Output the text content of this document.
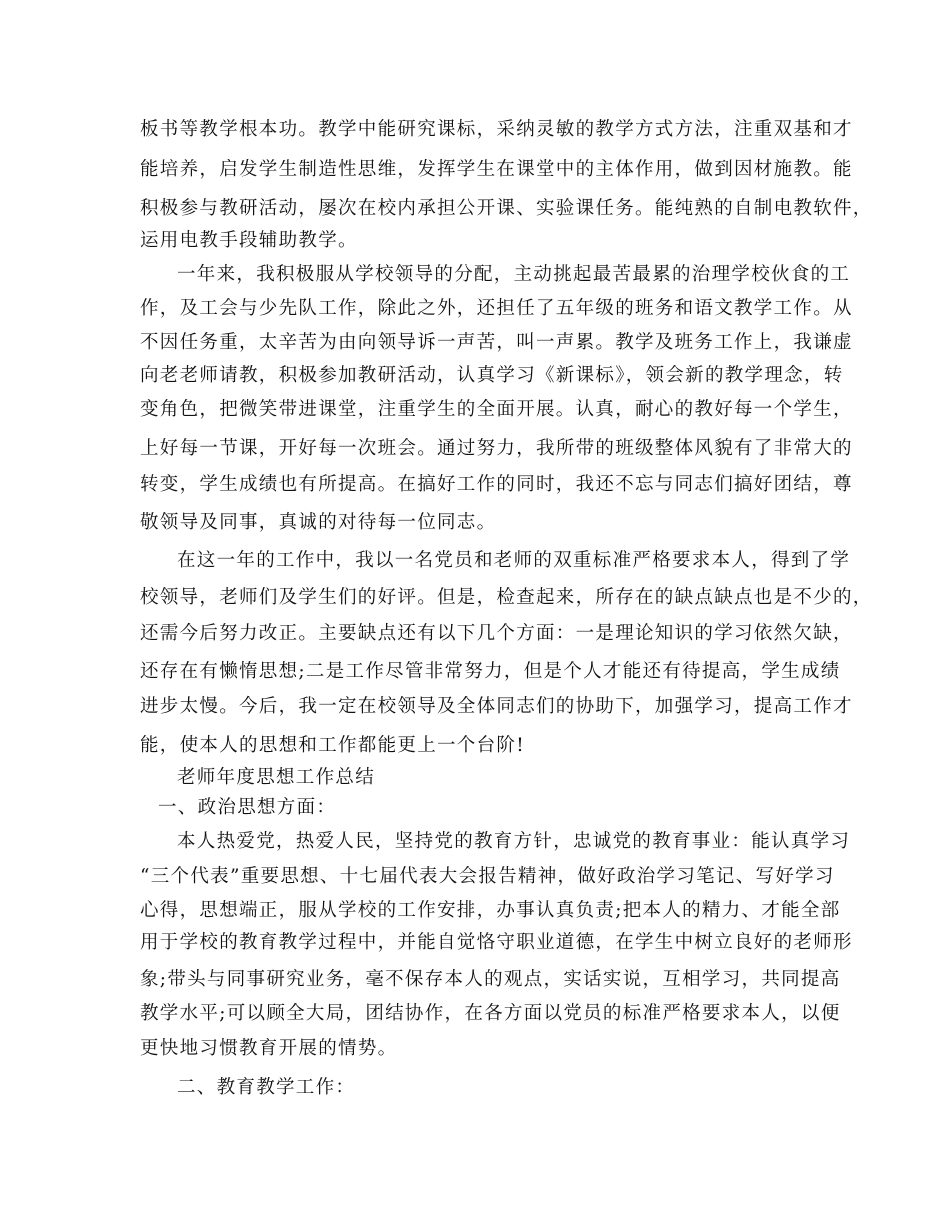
板书等教学根本功。教学中能研究课标，采纳灵敏的教学方式方法，注重双基和才
能培养，启发学生制造性思维，发挥学生在课堂中的主体作用，做到因材施教。能
积极参与教研活动，屡次在校内承担公开课、实验课任务。能纯熟的自制电教软件，
运用电教手段辅助教学。
一年来，我积极服从学校领导的分配，主动挑起最苦最累的治理学校伙食的工
作，及工会与少先队工作，除此之外，还担任了五年级的班务和语文教学工作。从
不因任务重，太辛苦为由向领导诉一声苦，叫一声累。教学及班务工作上，我谦虚
向老老师请教，积极参加教研活动，认真学习《新课标》，领会新的教学理念，转
变角色，把微笑带进课堂，注重学生的全面开展。认真，耐心的教好每一个学生，
上好每一节课，开好每一次班会。通过努力，我所带的班级整体风貌有了非常大的
转变，学生成绩也有所提高。在搞好工作的同时，我还不忘与同志们搞好团结，尊
敬领导及同事，真诚的对待每一位同志。
在这一年的工作中，我以一名党员和老师的双重标准严格要求本人，得到了学
校领导，老师们及学生们的好评。但是，检查起来，所存在的缺点缺点也是不少的，
还需今后努力改正。主要缺点还有以下几个方面：一是理论知识的学习依然欠缺，
还存在有懒惰思想;二是工作尽管非常努力，但是个人才能还有待提高，学生成绩
进步太慢。今后，我一定在校领导及全体同志们的协助下，加强学习，提高工作才
能，使本人的思想和工作都能更上一个台阶!
老师年度思想工作总结
一、政治思想方面：
本人热爱党，热爱人民，坚持党的教育方针，忠诚党的教育事业：能认真学习
“三个代表”重要思想、十七届代表大会报告精神，做好政治学习笔记、写好学习
心得，思想端正，服从学校的工作安排，办事认真负责;把本人的精力、才能全部
用于学校的教育教学过程中，并能自觉恪守职业道德，在学生中树立良好的老师形
象;带头与同事研究业务，毫不保存本人的观点，实话实说，互相学习，共同提高
教学水平;可以顾全大局，团结协作，在各方面以党员的标准严格要求本人，以便
更快地习惯教育开展的情势。
二、教育教学工作：
